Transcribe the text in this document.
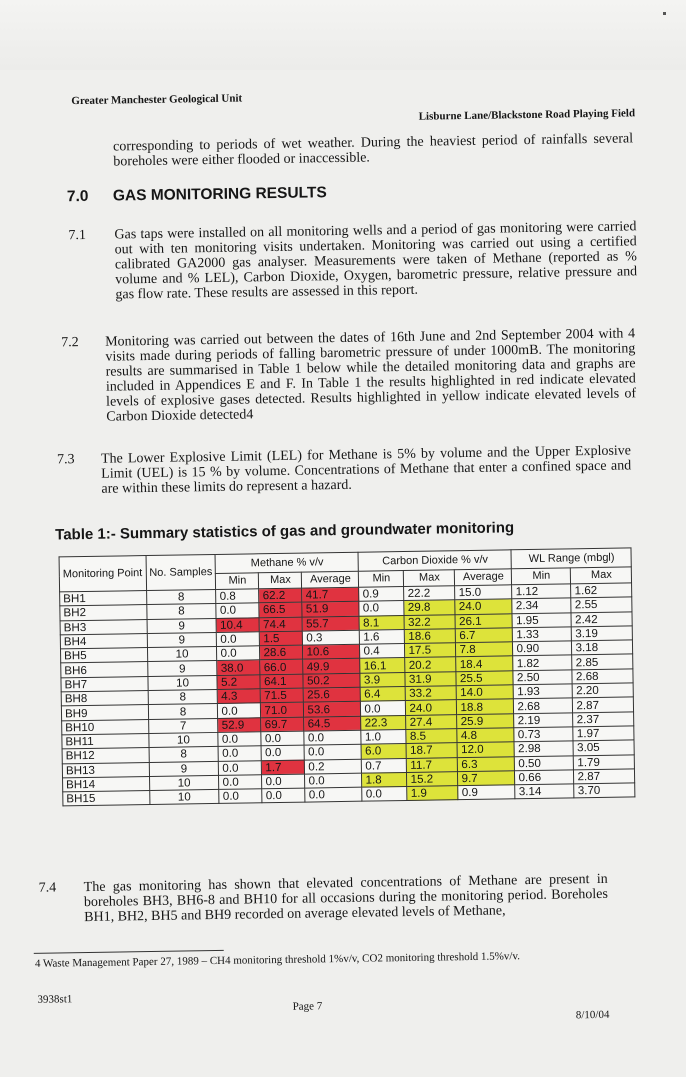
Greater Manchester Geological Unit
Lisburne Lane/Blackstone Road Playing Field
corresponding to periods of wet weather. During the heaviest period of rainfalls several boreholes were either flooded or inaccessible.
7.0 GAS MONITORING RESULTS
7.1 Gas taps were installed on all monitoring wells and a period of gas monitoring were carried out with ten monitoring visits undertaken. Monitoring was carried out using a certified calibrated GA2000 gas analyser. Measurements were taken of Methane (reported as % volume and % LEL), Carbon Dioxide, Oxygen, barometric pressure, relative pressure and gas flow rate. These results are assessed in this report.
7.2 Monitoring was carried out between the dates of 16th June and 2nd September 2004 with 4 visits made during periods of falling barometric pressure of under 1000mB. The monitoring results are summarised in Table 1 below while the detailed monitoring data and graphs are included in Appendices E and F. In Table 1 the results highlighted in red indicate elevated levels of explosive gases detected. Results highlighted in yellow indicate elevated levels of Carbon Dioxide detected4
7.3 The Lower Explosive Limit (LEL) for Methane is 5% by volume and the Upper Explosive Limit (UEL) is 15 % by volume. Concentrations of Methane that enter a confined space and are within these limits do represent a hazard.
Table 1:- Summary statistics of gas and groundwater monitoring
Monitoring Point	No. Samples	Methane % v/v			Carbon Dioxide % v/v			WL Range (mbgl)	
		Min	Max	Average	Min	Max	Average	Min	Max
BH1	8	0.8	62.2	41.7	0.9	22.2	15.0	1.12	1.62
BH2	8	0.0	66.5	51.9	0.0	29.8	24.0	2.34	2.55
BH3	9	10.4	74.4	55.7	8.1	32.2	26.1	1.95	2.42
BH4	9	0.0	1.5	0.3	1.6	18.6	6.7	1.33	3.19
BH5	10	0.0	28.6	10.6	0.4	17.5	7.8	0.90	3.18
BH6	9	38.0	66.0	49.9	16.1	20.2	18.4	1.82	2.85
BH7	10	5.2	64.1	50.2	3.9	31.9	25.5	2.50	2.68
BH8	8	4.3	71.5	25.6	6.4	33.2	14.0	1.93	2.20
BH9	8	0.0	71.0	53.6	0.0	24.0	18.8	2.68	2.87
BH10	7	52.9	69.7	64.5	22.3	27.4	25.9	2.19	2.37
BH11	10	0.0	0.0	0.0	1.0	8.5	4.8	0.73	1.97
BH12	8	0.0	0.0	0.0	6.0	18.7	12.0	2.98	3.05
BH13	9	0.0	1.7	0.2	0.7	11.7	6.3	0.50	1.79
BH14	10	0.0	0.0	0.0	1.8	15.2	9.7	0.66	2.87
BH15	10	0.0	0.0	0.0	0.0	1.9	0.9	3.14	3.70
7.4 The gas monitoring has shown that elevated concentrations of Methane are present in boreholes BH3, BH6-8 and BH10 for all occasions during the monitoring period. Boreholes BH1, BH2, BH5 and BH9 recorded on average elevated levels of Methane,
4 Waste Management Paper 27, 1989 – CH4 monitoring threshold 1%v/v, CO2 monitoring threshold 1.5%v/v.
3938st1
Page 7
8/10/04
